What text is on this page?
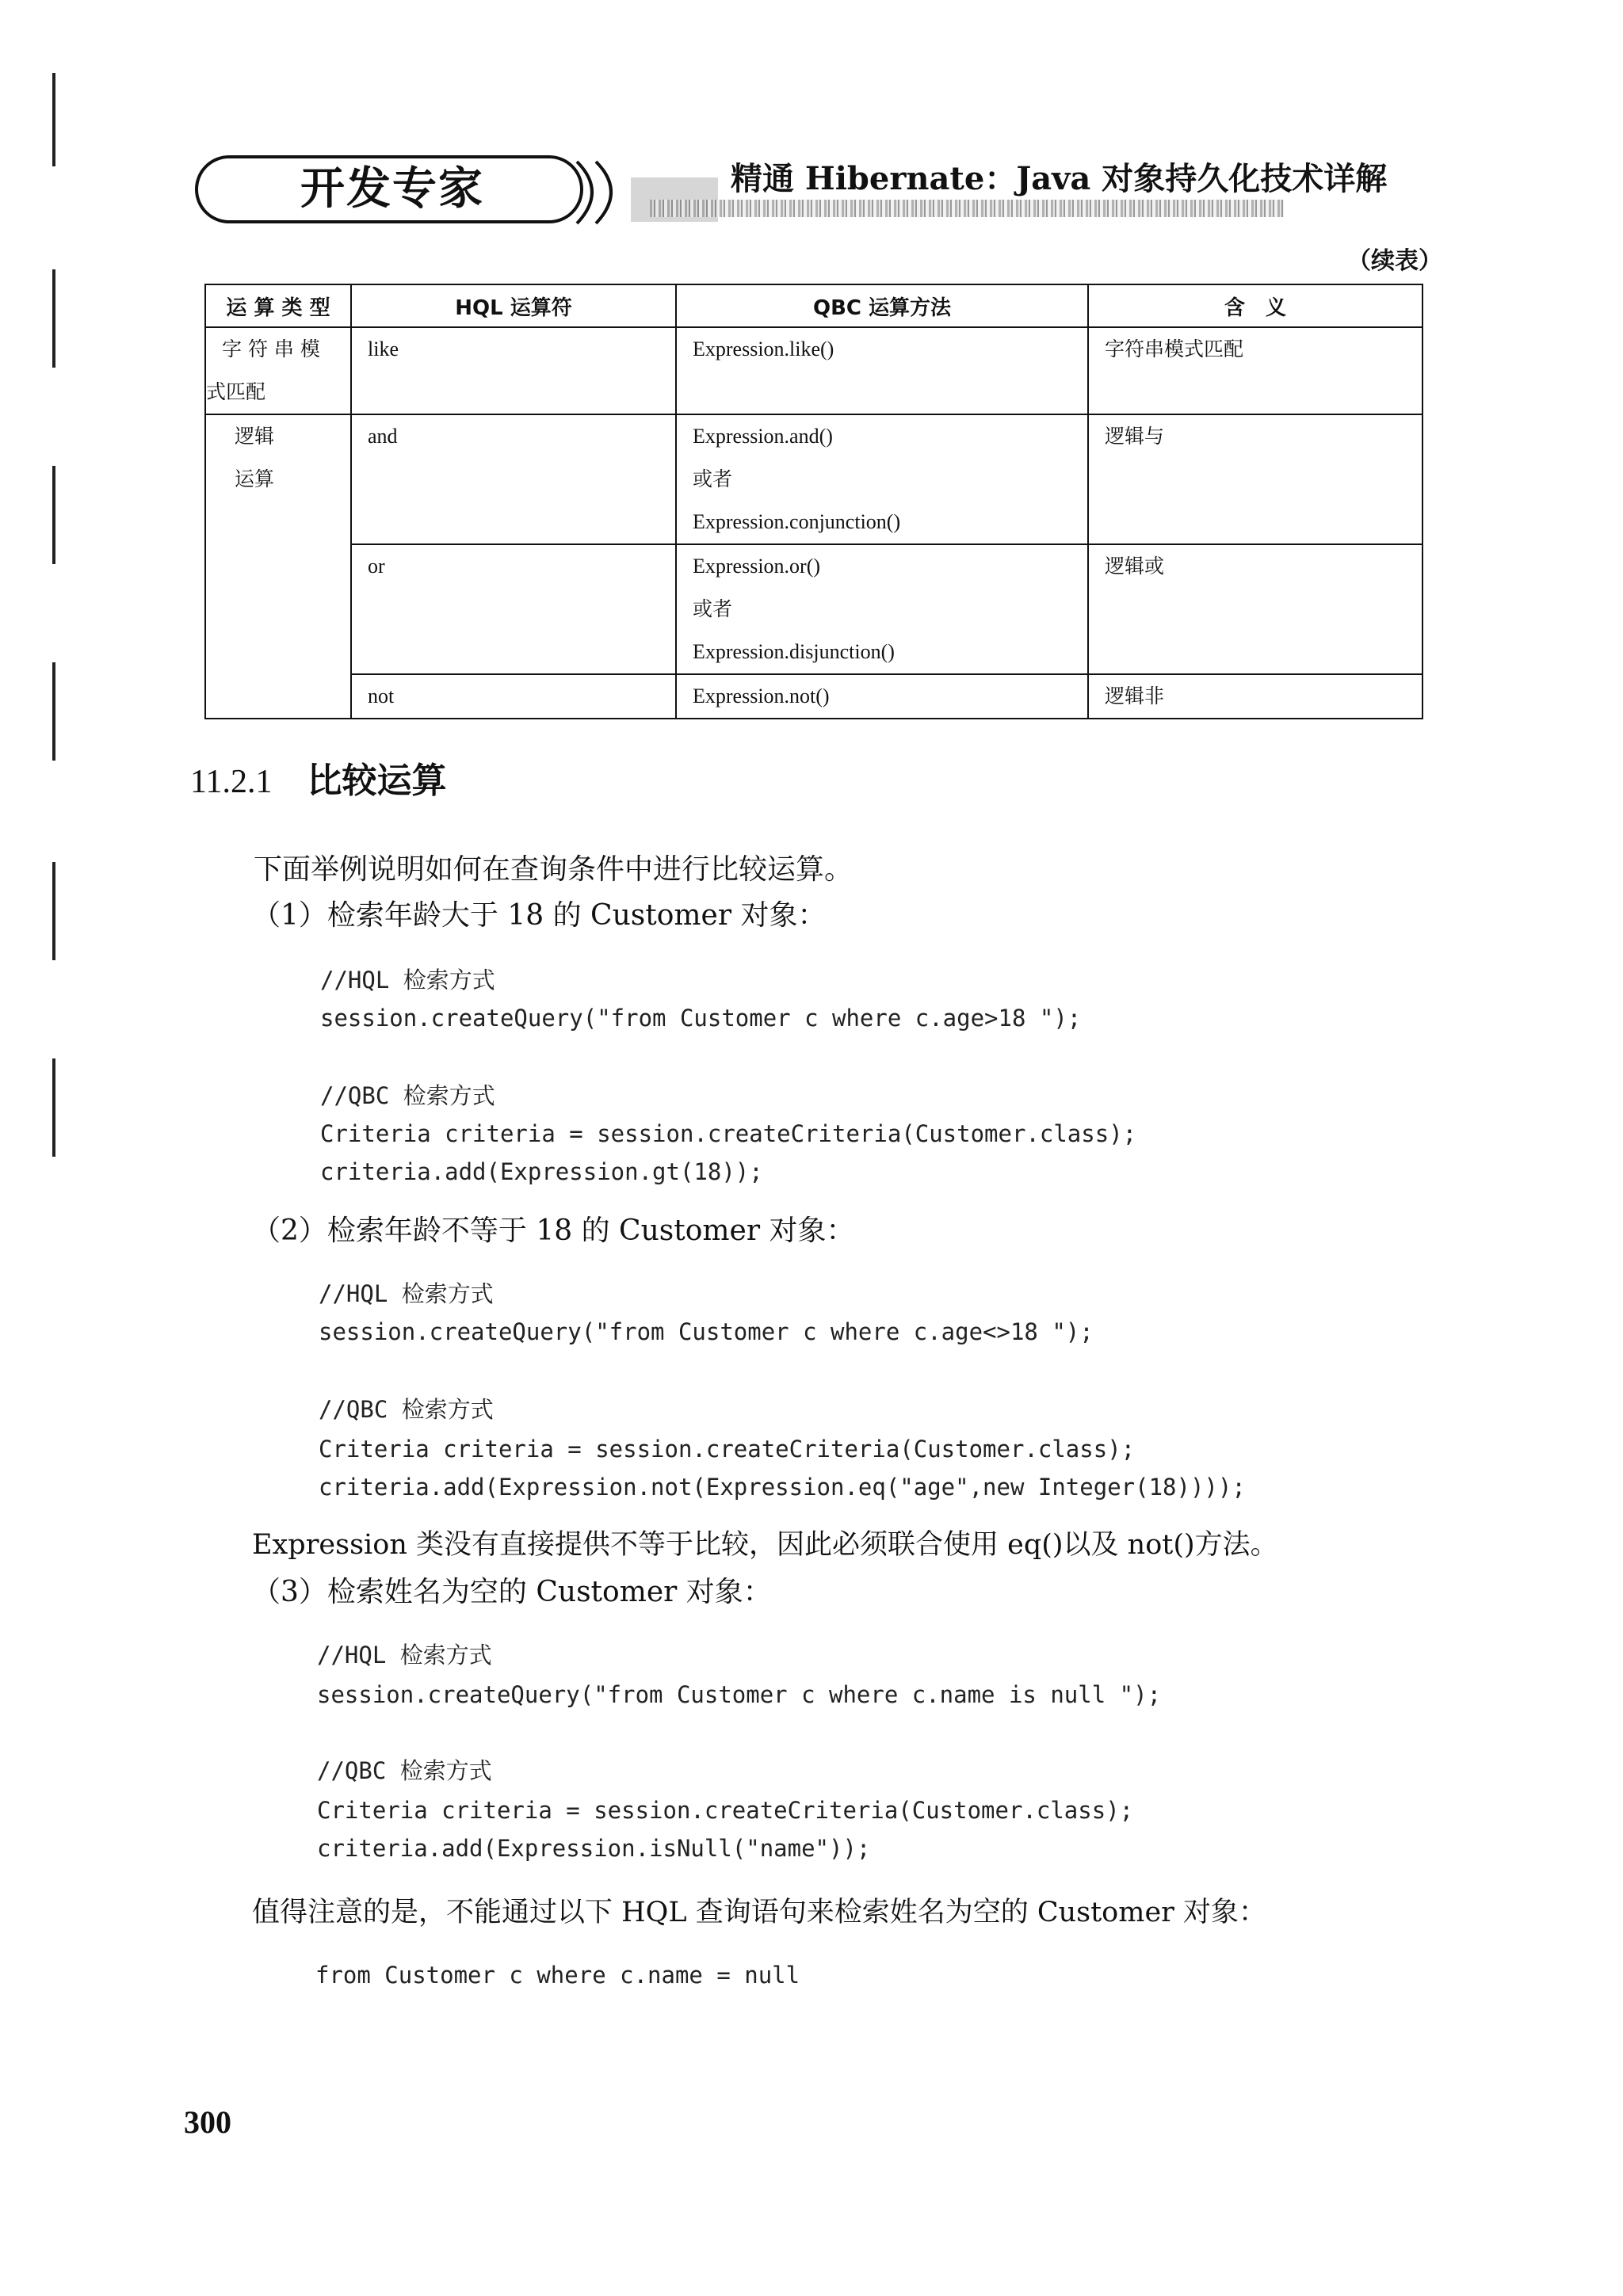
开发专家	精通 Hibernate：Java 对象持久化技术详解
（续表）
运 算 类 型	HQL 运算符	QBC 运算方法	含　义

字 符 串 模
式匹配	like	Expression.like()	字符串模式匹配

逻辑
运算	and	Expression.and()
或者
Expression.conjunction()	逻辑与
	or	Expression.or()
或者
Expression.disjunction()	逻辑或
	not	Expression.not()	逻辑非
11.2.1 比较运算
下面举例说明如何在查询条件中进行比较运算。
（1）检索年龄大于 18 的 Customer 对象：
//HQL 检索方式
session.createQuery("from Customer c where c.age>18 ");
//QBC 检索方式
Criteria criteria = session.createCriteria(Customer.class);
criteria.add(Expression.gt(18));
（2）检索年龄不等于 18 的 Customer 对象：
//HQL 检索方式
session.createQuery("from Customer c where c.age<>18 ");
//QBC 检索方式
Criteria criteria = session.createCriteria(Customer.class);
criteria.add(Expression.not(Expression.eq("age",new Integer(18))));
Expression 类没有直接提供不等于比较，因此必须联合使用 eq()以及 not()方法。
（3）检索姓名为空的 Customer 对象：
//HQL 检索方式
session.createQuery("from Customer c where c.name is null ");
//QBC 检索方式
Criteria criteria = session.createCriteria(Customer.class);
criteria.add(Expression.isNull("name"));
值得注意的是，不能通过以下 HQL 查询语句来检索姓名为空的 Customer 对象：
from Customer c where c.name = null
300
